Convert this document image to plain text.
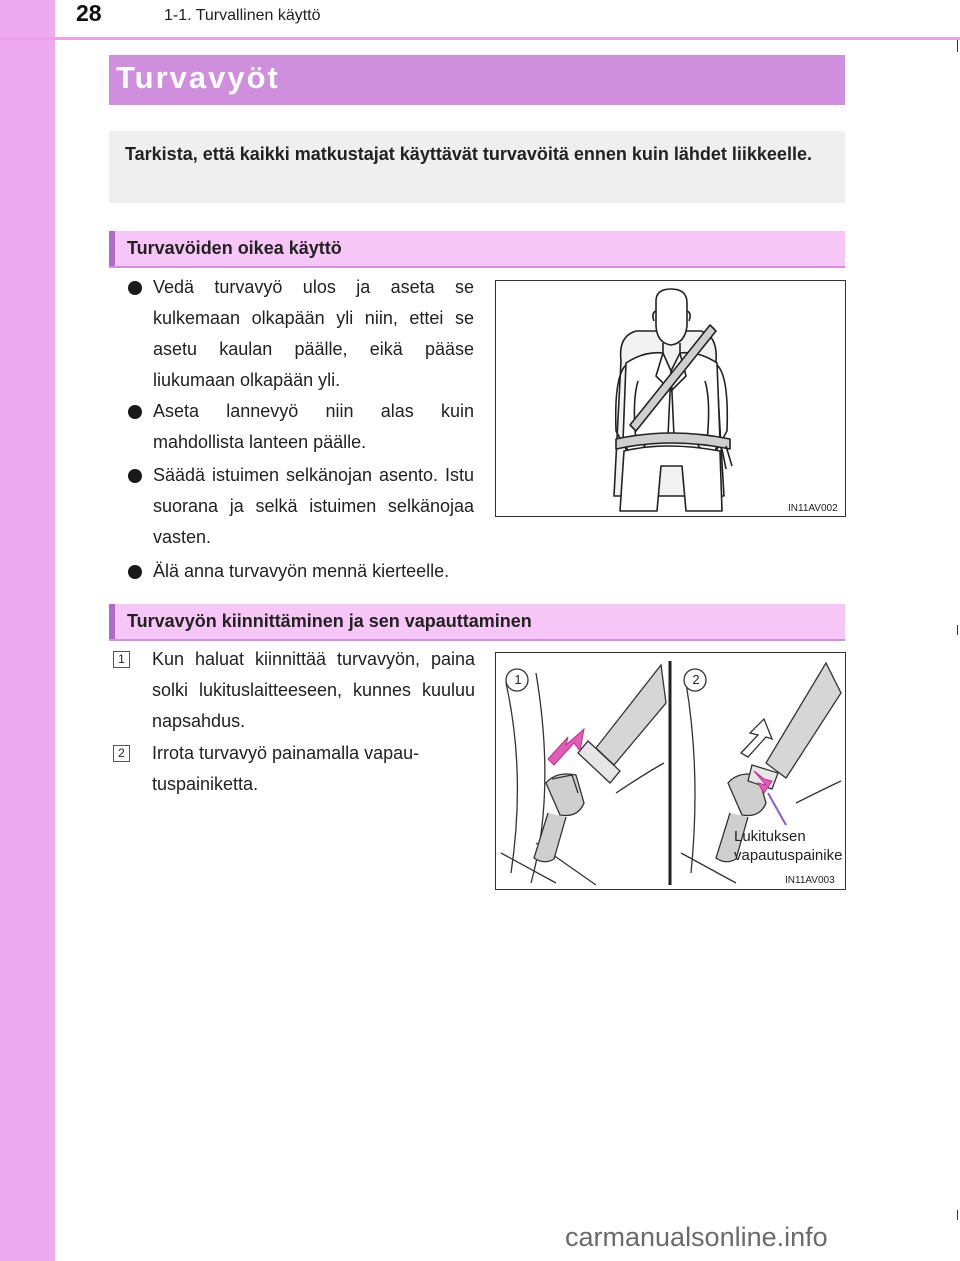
28	1-1. Turvallinen käyttö
Turvavyöt
Tarkista, että kaikki matkustajat käyttävät turvavöitä ennen kuin lähdet liikkeelle.
Turvavöiden oikea käyttö
Vedä turvavyö ulos ja aseta se kulkemaan olkapään yli niin, ettei se asetu kaulan päälle, eikä pääse liukumaan olkapään yli.
Aseta lannevyö niin alas kuin mahdollista lanteen päälle.
Säädä istuimen selkänojan asento. Istu suorana ja selkä istuimen selkänojaa vasten.
Älä anna turvavyön mennä kierteelle.
IN11AV002
Turvavyön kiinnittäminen ja sen vapauttaminen
1 Kun haluat kiinnittää turvavyön, paina solki lukituslaitteeseen, kunnes kuuluu napsahdus.
2 Irrota turvavyö painamalla vapau-tuspainiketta.
1	2
Lukituksen
vapautuspainike
IN11AV003
carmanualsonline.info
